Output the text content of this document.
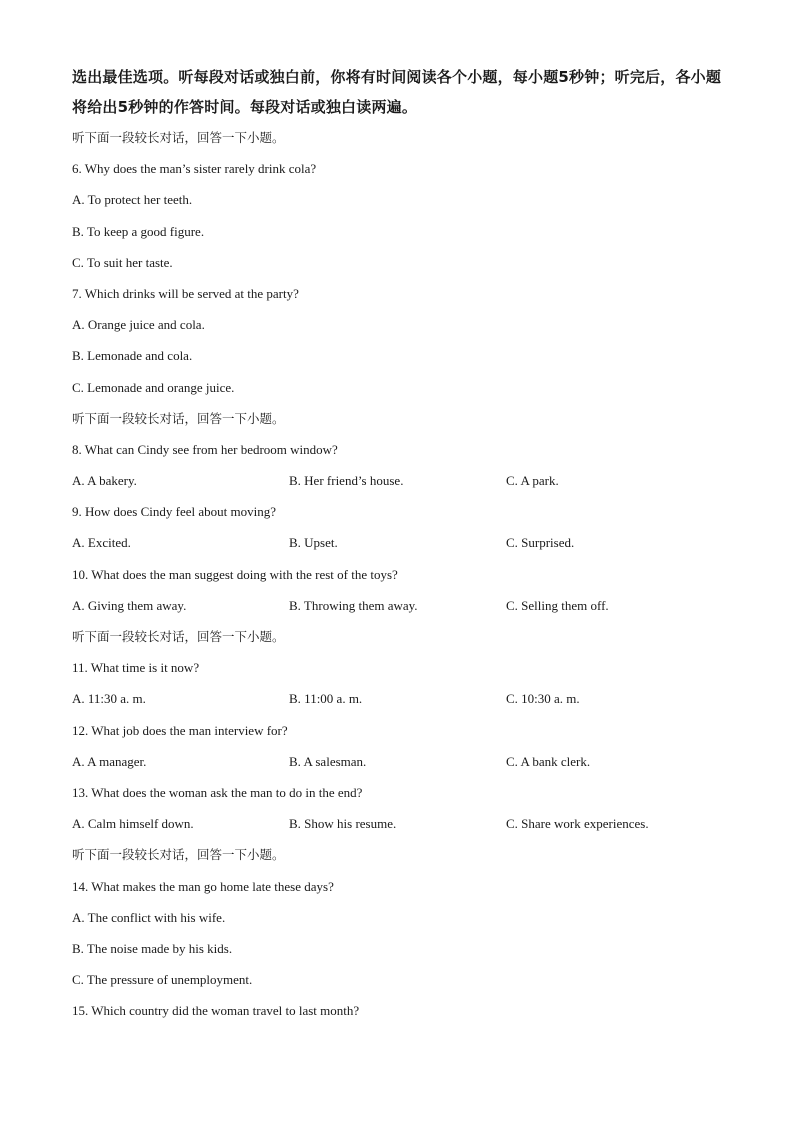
选出最佳选项。听每段对话或独白前，你将有时间阅读各个小题，每小题5秒钟；听完后，各小题将给出5秒钟的作答时间。每段对话或独白读两遍。

听下面一段较长对话，回答一下小题。
6. Why does the man’s sister rarely drink cola?
A. To protect her teeth.
B. To keep a good figure.
C. To suit her taste.
7. Which drinks will be served at the party?
A. Orange juice and cola.
B. Lemonade and cola.
C. Lemonade and orange juice.
听下面一段较长对话，回答一下小题。
8. What can Cindy see from her bedroom window?
A. A bakery.	B. Her friend’s house.	C. A park.
9. How does Cindy feel about moving?
A. Excited.	B. Upset.	C. Surprised.
10. What does the man suggest doing with the rest of the toys?
A. Giving them away.	B. Throwing them away.	C. Selling them off.
听下面一段较长对话，回答一下小题。
11. What time is it now?
A. 11:30 a. m.	B. 11:00 a. m.	C. 10:30 a. m.
12. What job does the man interview for?
A. A manager.	B. A salesman.	C. A bank clerk.
13. What does the woman ask the man to do in the end?
A. Calm himself down.	B. Show his resume.	C. Share work experiences.
听下面一段较长对话，回答一下小题。
14. What makes the man go home late these days?
A. The conflict with his wife.
B. The noise made by his kids.
C. The pressure of unemployment.
15. Which country did the woman travel to last month?
